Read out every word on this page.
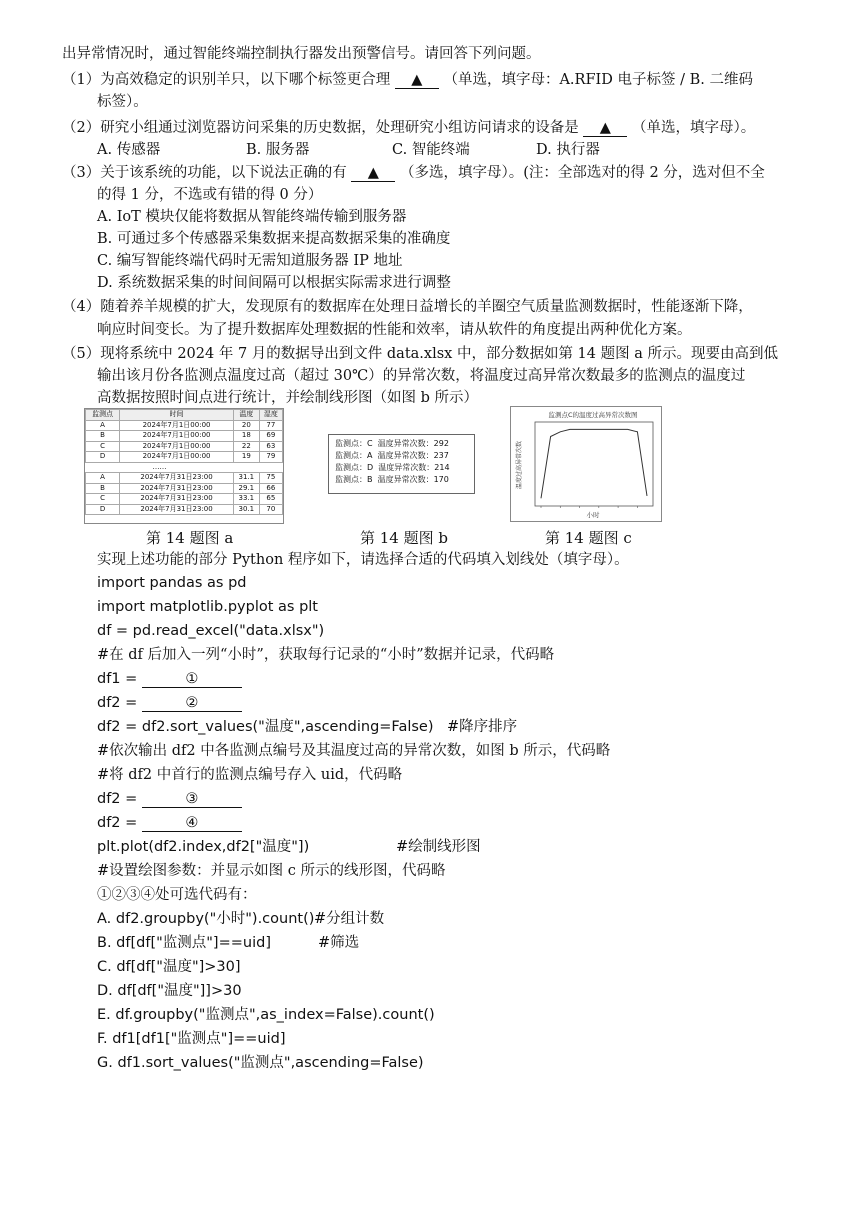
出异常情况时，通过智能终端控制执行器发出预警信号。请回答下列问题。
（1）为高效稳定的识别羊只，以下哪个标签更合理 ▲ （单选，填字母：A.RFID 电子标签 / B. 二维码
标签）。
（2）研究小组通过浏览器访问采集的历史数据，处理研究小组访问请求的设备是 ▲ （单选，填字母）。
A. 传感器	B. 服务器	C. 智能终端	D. 执行器
（3）关于该系统的功能，以下说法正确的有 ▲ （多选，填字母）。(注：全部选对的得 2 分，选对但不全
的得 1 分，不选或有错的得 0 分）
A. IoT 模块仅能将数据从智能终端传输到服务器
B. 可通过多个传感器采集数据来提高数据采集的准确度
C. 编写智能终端代码时无需知道服务器 IP 地址
D. 系统数据采集的时间间隔可以根据实际需求进行调整
（4）随着养羊规模的扩大，发现原有的数据库在处理日益增长的羊圈空气质量监测数据时，性能逐渐下降，
响应时间变长。为了提升数据库处理数据的性能和效率，请从软件的角度提出两种优化方案。
（5）现将系统中 2024 年 7 月的数据导出到文件 data.xlsx 中，部分数据如第 14 题图 a 所示。现要由高到低
输出该月份各监测点温度过高（超过 30℃）的异常次数，将温度过高异常次数最多的监测点的温度过
高数据按照时间点进行统计，并绘制线形图（如图 b 所示）
监测点	时间	温度	湿度
A	2024年7月1日00:00	20	77
B	2024年7月1日00:00	18	69
C	2024年7月1日00:00	22	63
D	2024年7月1日00:00	19	79
……			
A	2024年7月31日23:00	31.1	75
B	2024年7月31日23:00	29.1	66
C	2024年7月31日23:00	33.1	65
D	2024年7月31日23:00	30.1	70
第 14 题图 a
监测点：C 温度异常次数：292
监测点：A 温度异常次数：237
监测点：D 温度异常次数：214
监测点：B 温度异常次数：170
第 14 题图 b
监测点C的温度过高异常次数图
温度过高异常次数
小时
第 14 题图 c
实现上述功能的部分 Python 程序如下，请选择合适的代码填入划线处（填字母）。
import pandas as pd
import matplotlib.pyplot as plt
df = pd.read_excel("data.xlsx")
#在 df 后加入一列“小时”，获取每行记录的“小时”数据并记录，代码略
df1 =	①
df2 =	②
df2 = df2.sort_values("温度",ascending=False) #降序排序
#依次输出 df2 中各监测点编号及其温度过高的异常次数，如图 b 所示，代码略
#将 df2 中首行的监测点编号存入 uid，代码略
df2 =	③
df2 =	④
plt.plot(df2.index,df2["温度"])	#绘制线形图
#设置绘图参数：并显示如图 c 所示的线形图，代码略
①②③④处可选代码有：
A. df2.groupby("小时").count() #分组计数
B. df[df["监测点"]==uid]	#筛选
C. df[df["温度"]>30]
D. df[df["温度"]]>30
E. df.groupby("监测点",as_index=False).count()
F. df1[df1["监测点"]==uid]
G. df1.sort_values("监测点",ascending=False)
